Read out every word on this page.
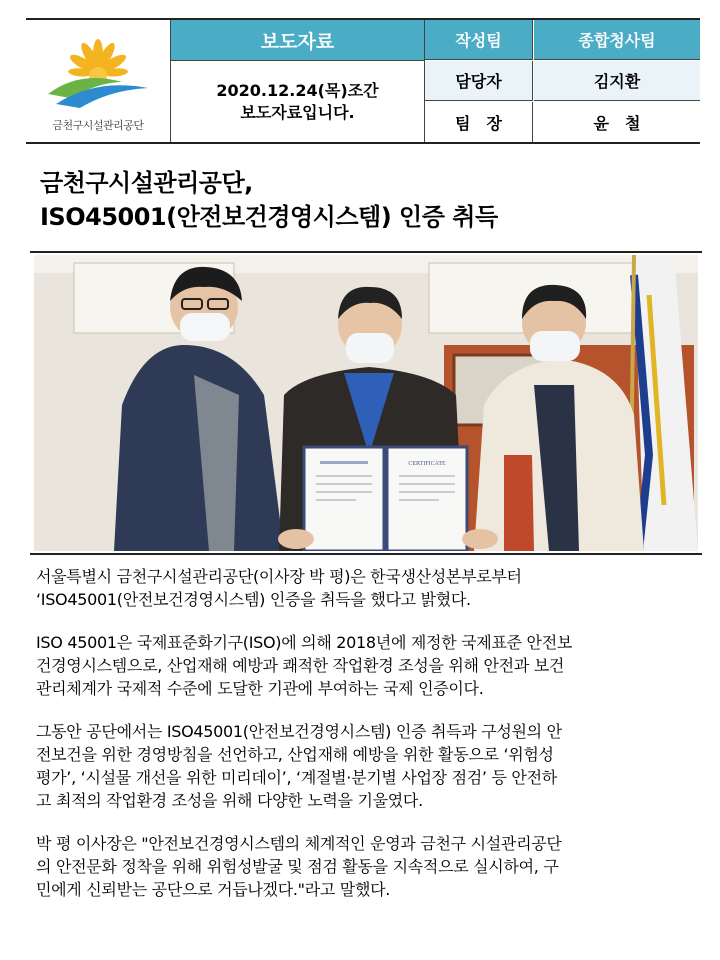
금천구시설관리공단
보도자료
2020.12.24(목)조간
보도자료입니다.
작성팀	종합청사팀
담당자	김지환
팀　장	윤　철
금천구시설관리공단,
ISO45001(안전보건경영시스템) 인증 취득
CERTIFICATE

서울특별시 금천구시설관리공단(이사장 박 평)은 한국생산성본부로부터
‘ISO45001(안전보건경영시스템) 인증을 취득을 했다고 밝혔다.

ISO 45001은 국제표준화기구(ISO)에 의해 2018년에 제정한 국제표준 안전보
건경영시스템으로, 산업재해 예방과 쾌적한 작업환경 조성을 위해 안전과 보건
관리체계가 국제적 수준에 도달한 기관에 부여하는 국제 인증이다.

그동안 공단에서는 ISO45001(안전보건경영시스템) 인증 취득과 구성원의 안
전보건을 위한 경영방침을 선언하고, 산업재해 예방을 위한 활동으로 ‘위험성
평가’, ‘시설물 개선을 위한 미리데이’, ‘계절별·분기별 사업장 점검’ 등 안전하
고 최적의 작업환경 조성을 위해 다양한 노력을 기울였다.

박 평 이사장은 "안전보건경영시스템의 체계적인 운영과 금천구 시설관리공단
의 안전문화 정착을 위해 위험성발굴 및 점검 활동을 지속적으로 실시하여, 구
민에게 신뢰받는 공단으로 거듭나겠다."라고 말했다.
